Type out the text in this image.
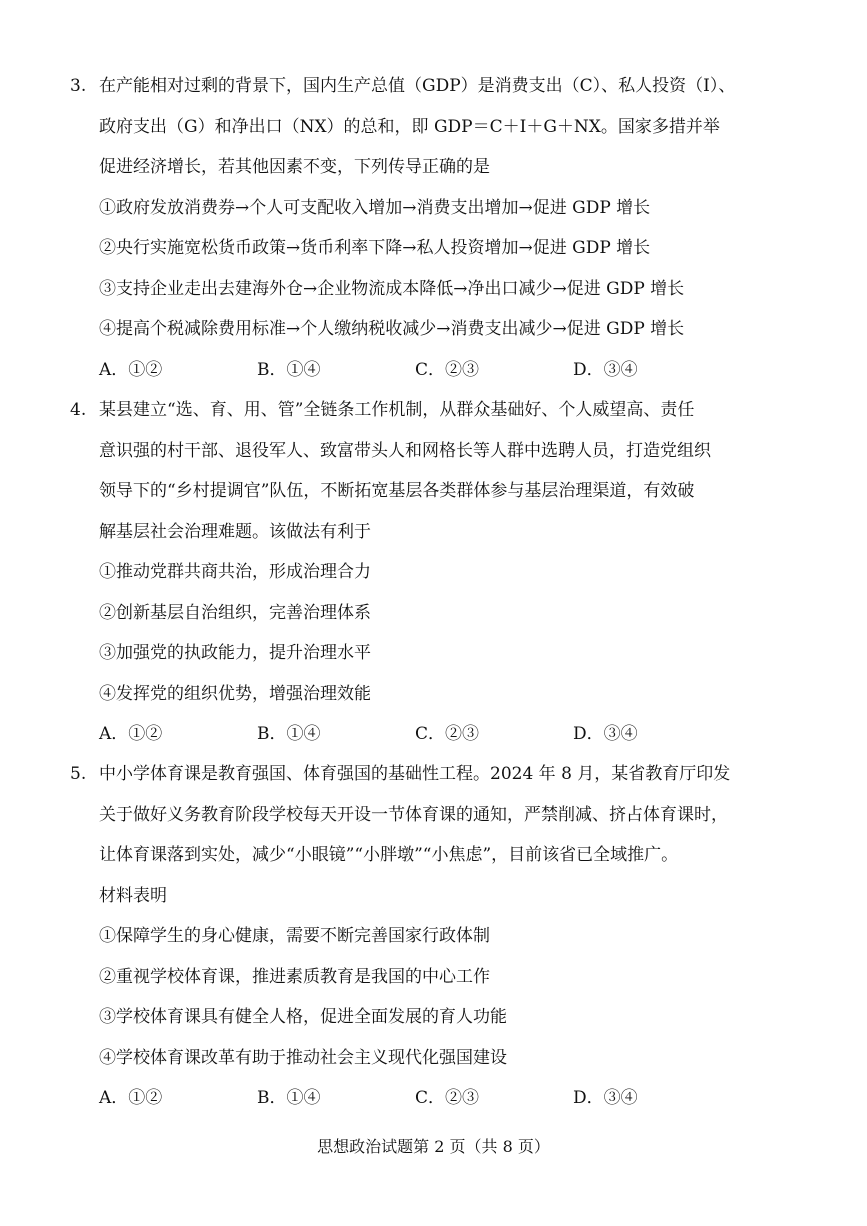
3. 在产能相对过剩的背景下，国内生产总值（GDP）是消费支出（C）、私人投资（I）、
政府支出（G）和净出口（NX）的总和，即 GDP＝C＋I＋G＋NX。国家多措并举
促进经济增长，若其他因素不变，下列传导正确的是
①政府发放消费券→个人可支配收入增加→消费支出增加→促进 GDP 增长
②央行实施宽松货币政策→货币利率下降→私人投资增加→促进 GDP 增长
③支持企业走出去建海外仓→企业物流成本降低→净出口减少→促进 GDP 增长
④提高个税减除费用标准→个人缴纳税收减少→消费支出减少→促进 GDP 增长
A．①②	B．①④	C．②③	D．③④
4. 某县建立“选、育、用、管”全链条工作机制，从群众基础好、个人威望高、责任
意识强的村干部、退役军人、致富带头人和网格长等人群中选聘人员，打造党组织
领导下的“乡村提调官”队伍，不断拓宽基层各类群体参与基层治理渠道，有效破
解基层社会治理难题。该做法有利于
①推动党群共商共治，形成治理合力
②创新基层自治组织，完善治理体系
③加强党的执政能力，提升治理水平
④发挥党的组织优势，增强治理效能
A．①②	B．①④	C．②③	D．③④
5. 中小学体育课是教育强国、体育强国的基础性工程。2024 年 8 月，某省教育厅印发
关于做好义务教育阶段学校每天开设一节体育课的通知，严禁削减、挤占体育课时，
让体育课落到实处，减少“小眼镜”“小胖墩”“小焦虑”，目前该省已全域推广。
材料表明
①保障学生的身心健康，需要不断完善国家行政体制
②重视学校体育课，推进素质教育是我国的中心工作
③学校体育课具有健全人格，促进全面发展的育人功能
④学校体育课改革有助于推动社会主义现代化强国建设
A．①②	B．①④	C．②③	D．③④
思想政治试题第 2 页（共 8 页）
